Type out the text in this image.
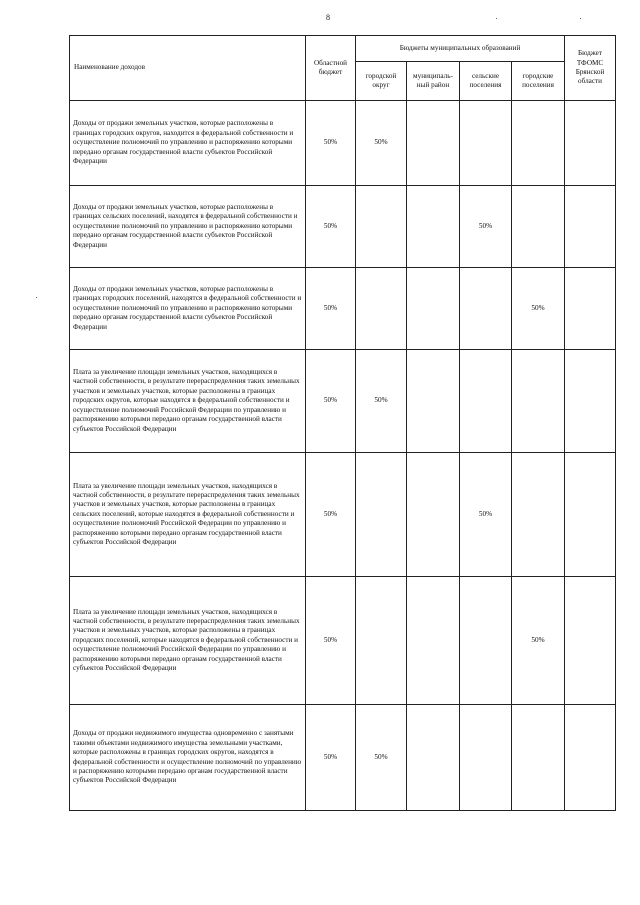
8
Наименование доходов	Областной бюджет	Бюджеты муниципальных образований				Бюджет ТФОМС Брянской области
		городской округ	муниципаль-ный район	сельские поселения	городские поселения	
Доходы от продажи земельных участков, которые расположены в границах городских округов, находится в федеральной собственности и осуществление полномочий по управлению и распоряжению которыми передано органам государственной власти субъектов Российской Федерации	50%	50%				
Доходы от продажи земельных участков, которые расположены в границах сельских поселений, находятся в федеральной собственности и осуществление полномочий по управлению и распоряжению которыми передано органам государственной власти субъектов Российской Федерации	50%			50%		
Доходы от продажи земельных участков, которые расположены в границах городских поселений, находятся в федеральной собственности и осуществление полномочий по управлению и распоряжению которыми передано органам государственной власти субъектов Российской Федерации	50%				50%	
Плата за увеличение площади земельных участков, находящихся в частной собственности, в результате перераспределения таких земельных участков и земельных участков, которые расположены в границах городских округов, которые находятся в федеральной собственности и осуществление полномочий Российской Федерации по управлению и распоряжению которыми передано органам государственной власти субъектов Российской Федерации	50%	50%				
Плата за увеличение площади земельных участков, находящихся в частной собственности, в результате перераспределения таких земельных участков и земельных участков, которые расположены в границах сельских поселений, которые находятся в федеральной собственности и осуществление полномочий Российской Федерации по управлению и распоряжению которыми передано органам государственной власти субъектов Российской Федерации	50%			50%		
Плата за увеличение площади земельных участков, находящихся в частной собственности, в результате перераспределения таких земельных участков и земельных участков, которые расположены в границах городских поселений, которые находятся в федеральной собственности и осуществление полномочий Российской Федерации по управлению и распоряжению которыми передано органам государственной власти субъектов Российской Федерации	50%				50%	
Доходы от продажи недвижимого имущества одновременно с занятыми такими объектами недвижимого имущества земельными участками, которые расположены в границах городских округов, находятся в федеральной собственности и осуществление полномочий по управлению и распоряжению которыми передано органам государственной власти субъектов Российской Федерации	50%	50%				
